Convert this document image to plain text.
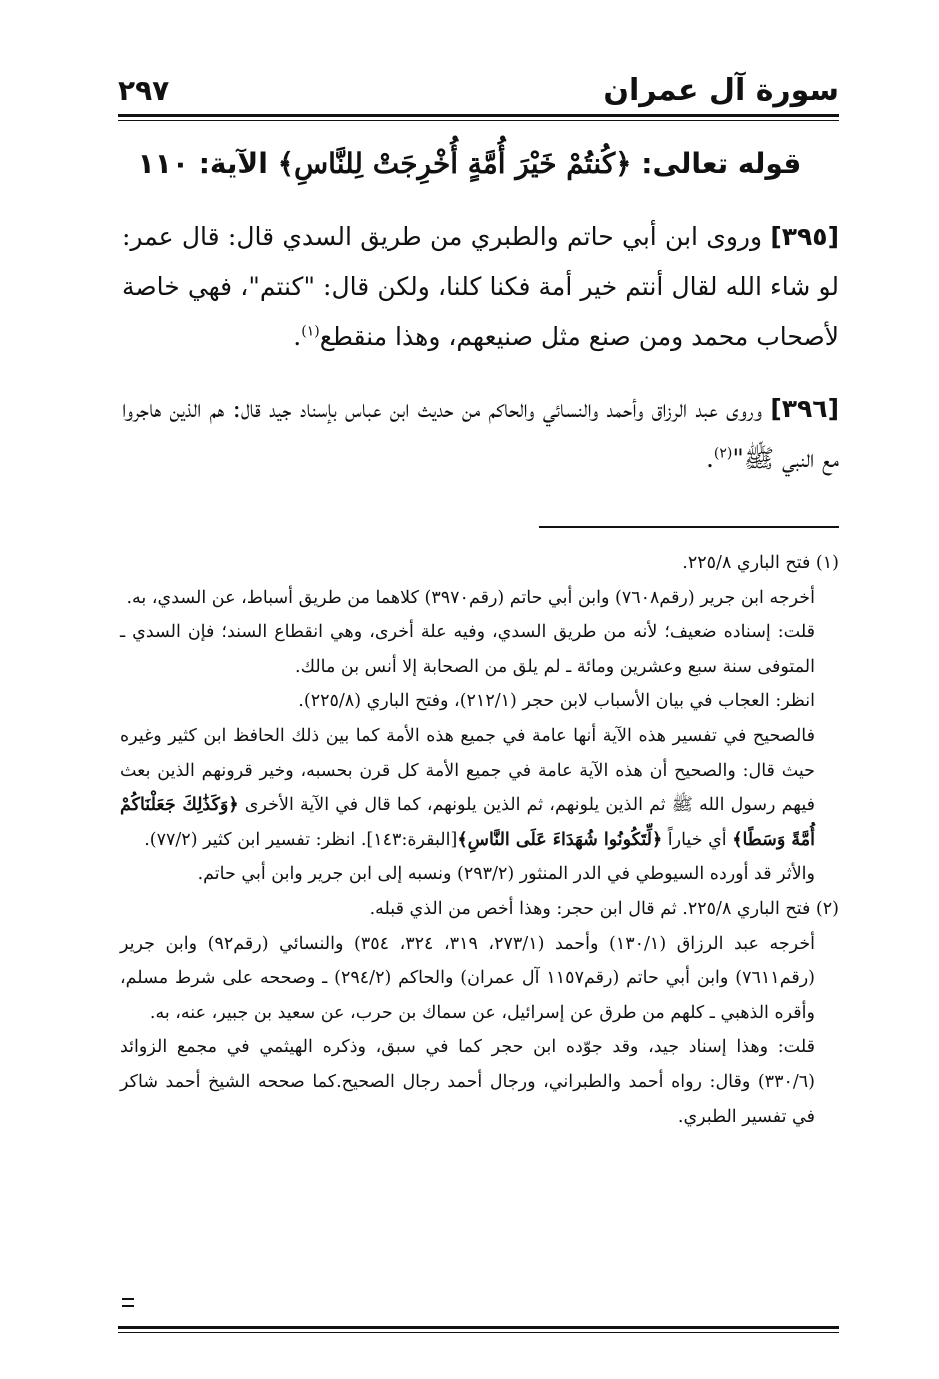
سورة آل عمران
٢٩٧
قوله تعالى: ﴿كُنتُمْ خَيْرَ أُمَّةٍ أُخْرِجَتْ لِلنَّاسِ﴾ الآية: ١١٠

[٣٩٥] وروى ابن أبي حاتم والطبري من طريق السدي قال: قال عمر: لو شاء الله لقال أنتم خير أمة فكنا كلنا، ولكن قال: "كنتم"، فهي خاصة لأصحاب محمد ومن صنع مثل صنيعهم، وهذا منقطع$^{(١)}$.

[٣٩٦] وروى عبد الرزاق وأحمد والنسائي والحاكم من حديث ابن عباس بإسناد جيد قال: هم الذين هاجروا مع النبي ﷺ"$^{(٢)}$.

(١) فتح الباري ٢٢٥/٨.

أخرجه ابن جرير (رقم٧٦٠٨) وابن أبي حاتم (رقم٣٩٧٠) كلاهما من طريق أسباط، عن السدي، به.

قلت: إسناده ضعيف؛ لأنه من طريق السدي، وفيه علة أخرى، وهي انقطاع السند؛ فإن السدي ـ المتوفى سنة سبع وعشرين ومائة ـ لم يلق من الصحابة إلا أنس بن مالك.

انظر: العجاب في بيان الأسباب لابن حجر (٢١٢/١)، وفتح الباري (٢٢٥/٨).

فالصحيح في تفسير هذه الآية أنها عامة في جميع هذه الأمة كما بين ذلك الحافظ ابن كثير وغيره حيث قال: والصحيح أن هذه الآية عامة في جميع الأمة كل قرن بحسبه، وخير قرونهم الذين بعث فيهم رسول الله ﷺ ثم الذين يلونهم، ثم الذين يلونهم، كما قال في الآية الأخرى ﴿وَكَذَٰلِكَ جَعَلْنَاكُمْ أُمَّةً وَسَطًا﴾ أي خياراً ﴿لِّتَكُونُوا شُهَدَاءَ عَلَى النَّاسِ﴾[البقرة:١٤٣]. انظر: تفسير ابن كثير (٧٧/٢).

والأثر قد أورده السيوطي في الدر المنثور (٢٩٣/٢) ونسبه إلى ابن جرير وابن أبي حاتم.

(٢) فتح الباري ٢٢٥/٨. ثم قال ابن حجر: وهذا أخص من الذي قبله.

أخرجه عبد الرزاق (١٣٠/١) وأحمد (٢٧٣/١، ٣١٩، ٣٢٤، ٣٥٤) والنسائي (رقم٩٢) وابن جرير (رقم٧٦١١) وابن أبي حاتم (رقم١١٥٧ آل عمران) والحاكم (٢٩٤/٢) ـ وصححه على شرط مسلم، وأقره الذهبي ـ كلهم من طرق عن إسرائيل، عن سماك بن حرب، عن سعيد بن جبير، عنه، به.

قلت: وهذا إسناد جيد، وقد جوّده ابن حجر كما في سبق، وذكره الهيثمي في مجمع الزوائد (٣٣٠/٦) وقال: رواه أحمد والطبراني، ورجال أحمد رجال الصحيح.كما صححه الشيخ أحمد شاكر في تفسير الطبري.
